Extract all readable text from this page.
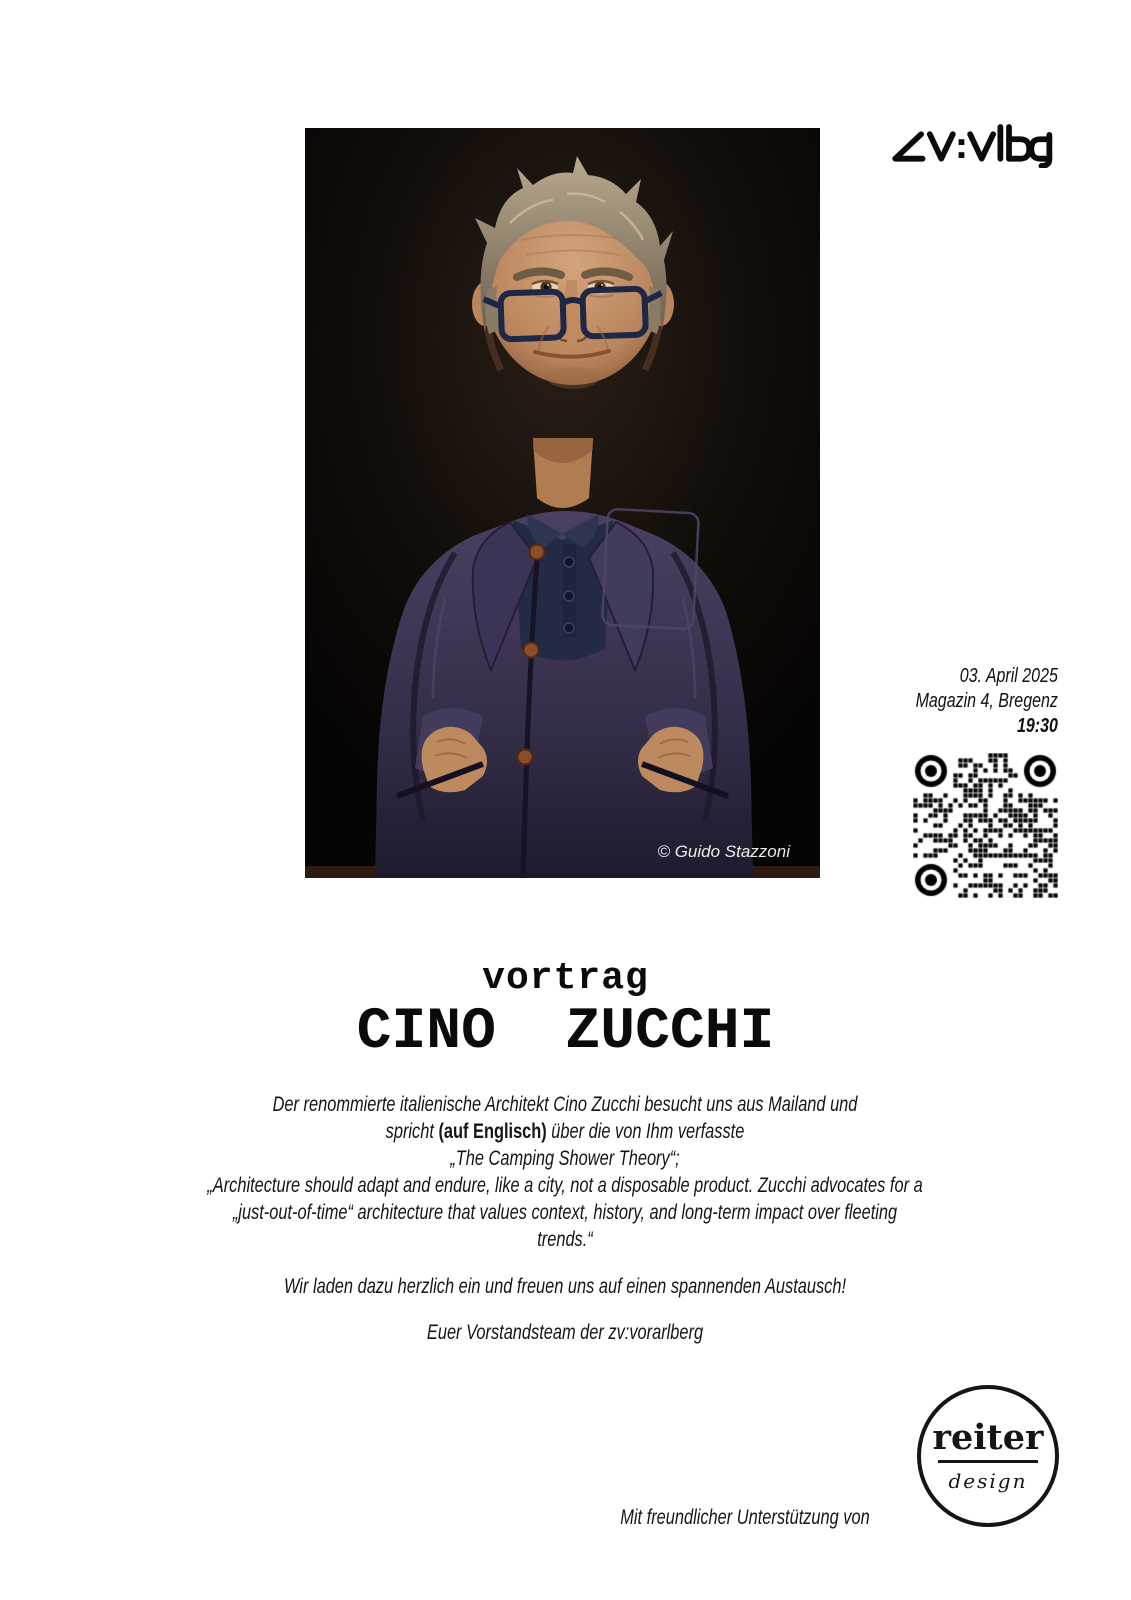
© Guido Stazzoni
03. April 2025
Magazin 4, Bregenz
19:30
vortrag
CINO  ZUCCHI

Der renommierte italienische Architekt Cino Zucchi besucht uns aus Mailand und
spricht (auf Englisch) über die von Ihm verfasste
„The Camping Shower Theory“;
„Architecture should adapt and endure, like a city, not a disposable product. Zucchi advocates for a „just-out-of-time“ architecture that values context, history, and long-term impact over fleeting trends.“

Wir laden dazu herzlich ein und freuen uns auf einen spannenden Austausch!

Euer Vorstandsteam der zv:vorarlberg

Mit freundlicher Unterstützung von
reiter
design
